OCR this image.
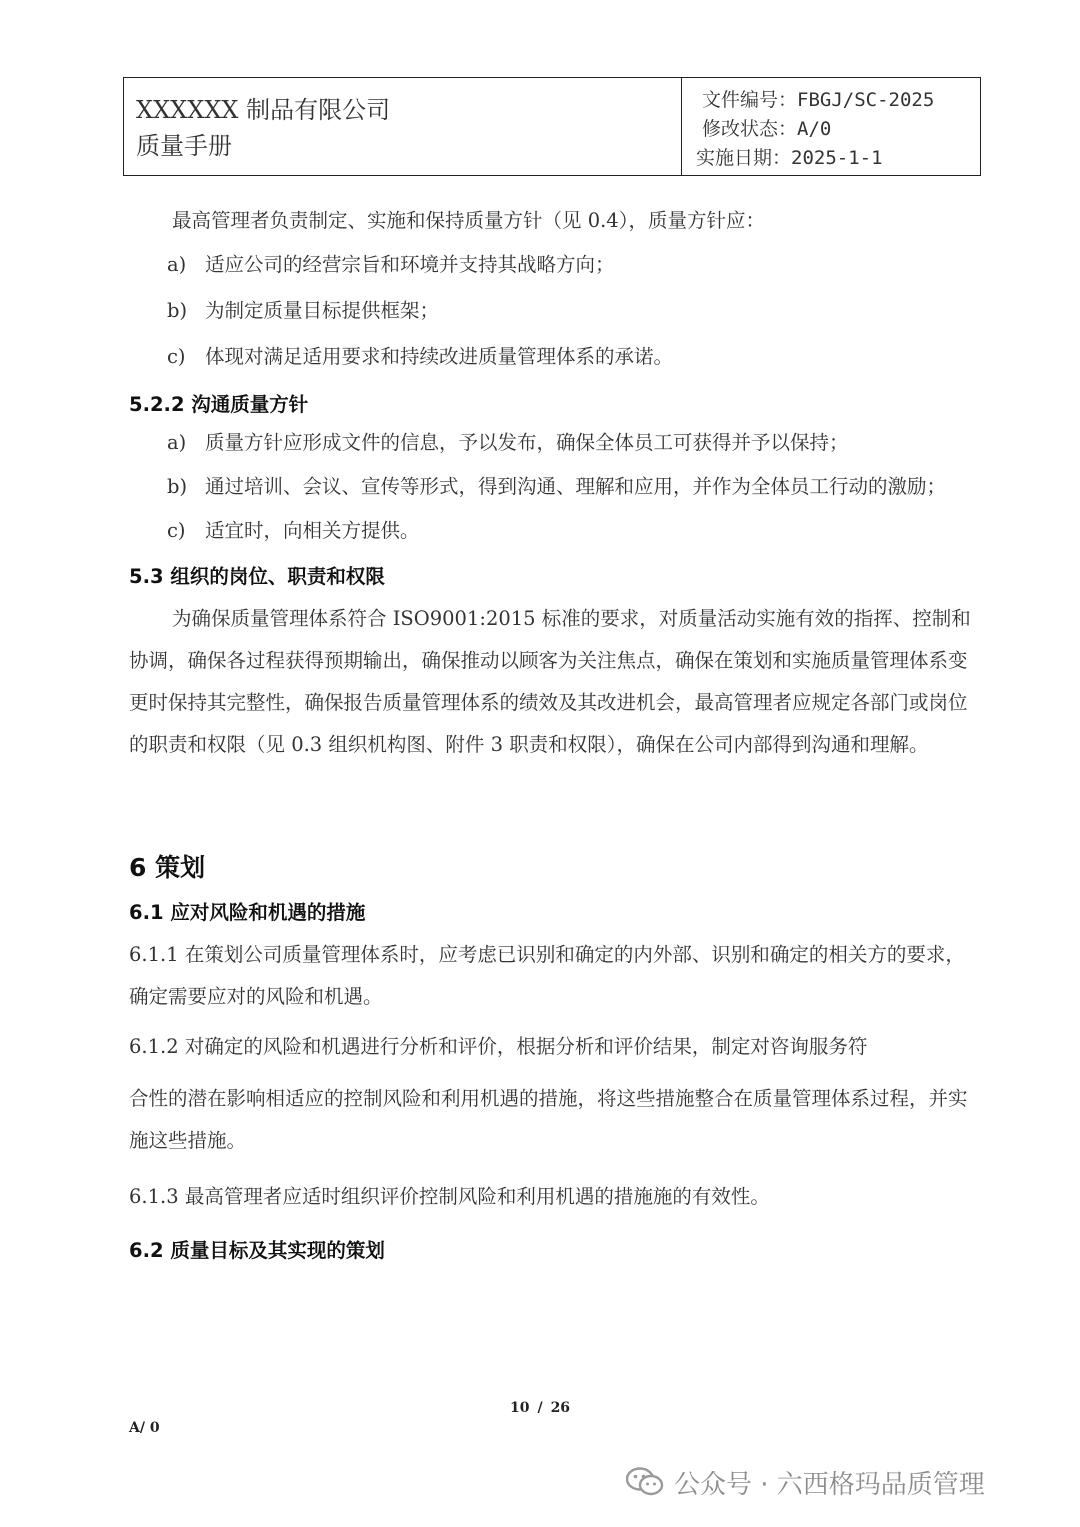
XXXXXX 制品有限公司
质量手册
文件编号：FBGJ/SC-2025
修改状态：A/0
实施日期：2025-1-1

最高管理者负责制定、实施和保持质量方针（见 0.4），质量方针应：

a) 适应公司的经营宗旨和环境并支持其战略方向；
b) 为制定质量目标提供框架；
c) 体现对满足适用要求和持续改进质量管理体系的承诺。
5.2.2 沟通质量方针
a) 质量方针应形成文件的信息，予以发布，确保全体员工可获得并予以保持；
b) 通过培训、会议、宣传等形式，得到沟通、理解和应用，并作为全体员工行动的激励；
c) 适宜时，向相关方提供。
5.3 组织的岗位、职责和权限

为确保质量管理体系符合 ISO9001:2015 标准的要求，对质量活动实施有效的指挥、控制和协调，确保各过程获得预期输出，确保推动以顾客为关注焦点，确保在策划和实施质量管理体系变更时保持其完整性，确保报告质量管理体系的绩效及其改进机会，最高管理者应规定各部门或岗位的职责和权限（见 0.3 组织机构图、附件 3 职责和权限），确保在公司内部得到沟通和理解。

6 策划
6.1 应对风险和机遇的措施

6.1.1 在策划公司质量管理体系时，应考虑已识别和确定的内外部、识别和确定的相关方的要求，确定需要应对的风险和机遇。

6.1.2 对确定的风险和机遇进行分析和评价，根据分析和评价结果，制定对咨询服务符

合性的潜在影响相适应的控制风险和利用机遇的措施，将这些措施整合在质量管理体系过程，并实施这些措施。

6.1.3 最高管理者应适时组织评价控制风险和利用机遇的措施施的有效性。

6.2 质量目标及其实现的策划
10 / 26
A/ 0
公众号 · 六西格玛品质管理
